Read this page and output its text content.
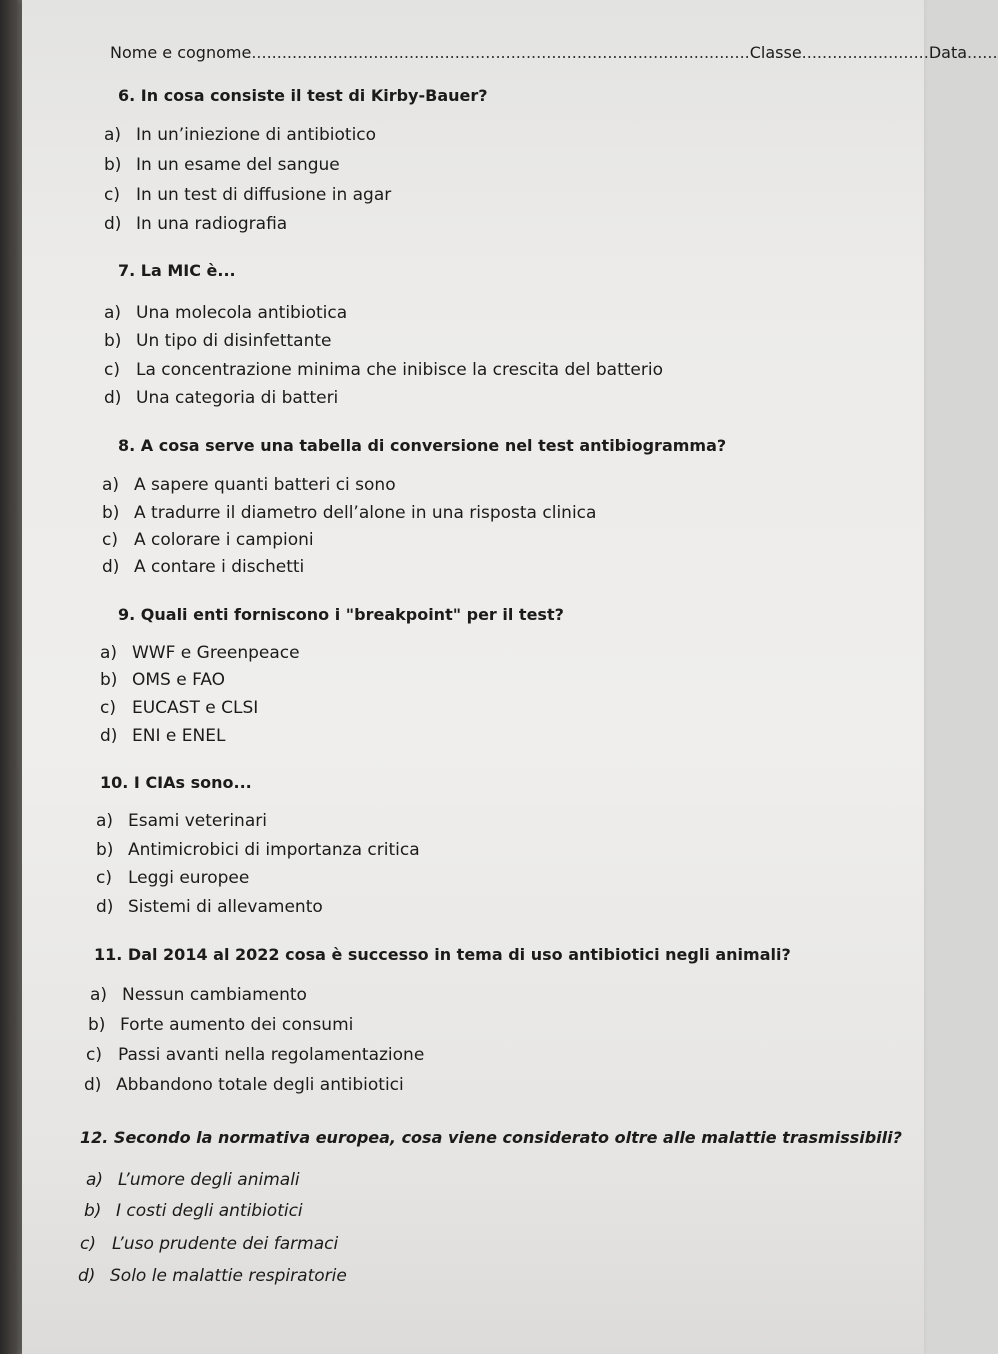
Nome e cognome..................................................................................................Classe.........................Data......
6. In cosa consiste il test di Kirby-Bauer?
a) In un’iniezione di antibiotico
b) In un esame del sangue
c) In un test di diffusione in agar
d) In una radiografia
7. La MIC è...
a) Una molecola antibiotica
b) Un tipo di disinfettante
c) La concentrazione minima che inibisce la crescita del batterio
d) Una categoria di batteri
8. A cosa serve una tabella di conversione nel test antibiogramma?
a) A sapere quanti batteri ci sono
b) A tradurre il diametro dell’alone in una risposta clinica
c) A colorare i campioni
d) A contare i dischetti
9. Quali enti forniscono i "breakpoint" per il test?
a) WWF e Greenpeace
b) OMS e FAO
c) EUCAST e CLSI
d) ENI e ENEL
10. I CIAs sono...
a) Esami veterinari
b) Antimicrobici di importanza critica
c) Leggi europee
d) Sistemi di allevamento
11. Dal 2014 al 2022 cosa è successo in tema di uso antibiotici negli animali?
a) Nessun cambiamento
b) Forte aumento dei consumi
c) Passi avanti nella regolamentazione
d) Abbandono totale degli antibiotici
12. Secondo la normativa europea, cosa viene considerato oltre alle malattie trasmissibili?
a) L’umore degli animali
b) I costi degli antibiotici
c) L’uso prudente dei farmaci
d) Solo le malattie respiratorie
